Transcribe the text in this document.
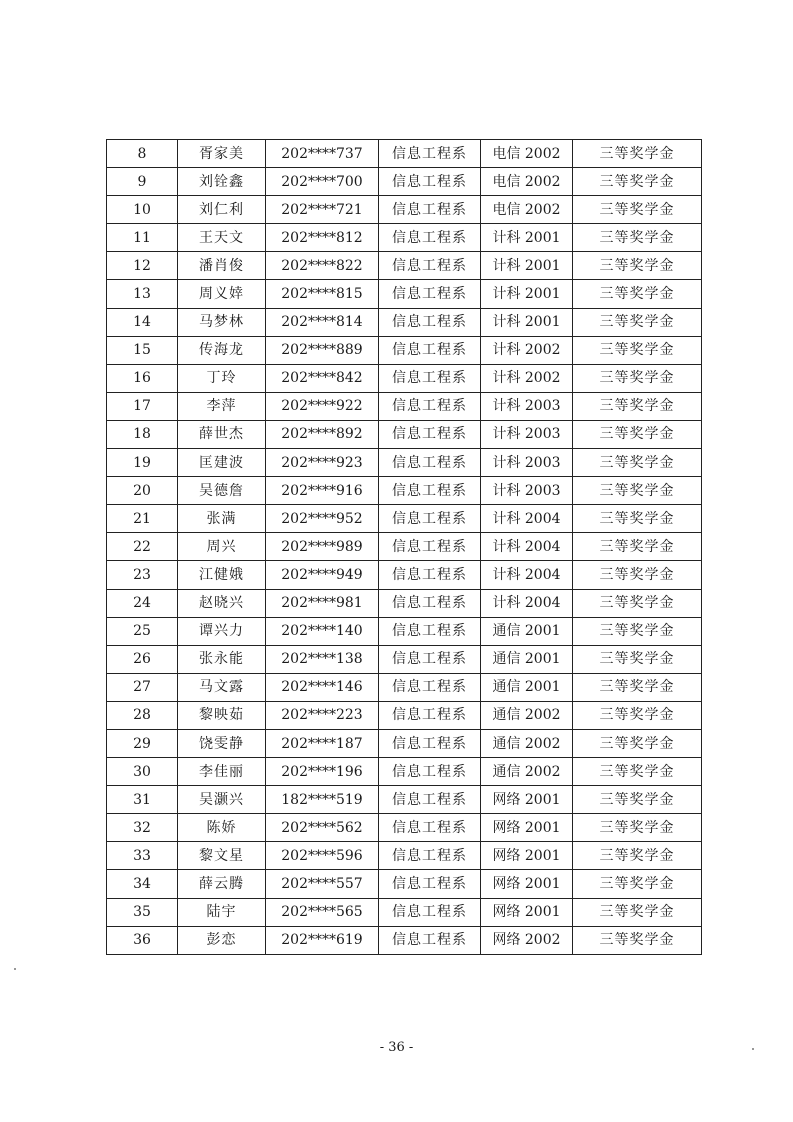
8	胥家美	202****737	信息工程系	电信 2002	三等奖学金
9	刘铨鑫	202****700	信息工程系	电信 2002	三等奖学金
10	刘仁利	202****721	信息工程系	电信 2002	三等奖学金
11	王天文	202****812	信息工程系	计科 2001	三等奖学金
12	潘肖俊	202****822	信息工程系	计科 2001	三等奖学金
13	周义婞	202****815	信息工程系	计科 2001	三等奖学金
14	马梦林	202****814	信息工程系	计科 2001	三等奖学金
15	传海龙	202****889	信息工程系	计科 2002	三等奖学金
16	丁玲	202****842	信息工程系	计科 2002	三等奖学金
17	李萍	202****922	信息工程系	计科 2003	三等奖学金
18	薛世杰	202****892	信息工程系	计科 2003	三等奖学金
19	匡建波	202****923	信息工程系	计科 2003	三等奖学金
20	吴德詹	202****916	信息工程系	计科 2003	三等奖学金
21	张满	202****952	信息工程系	计科 2004	三等奖学金
22	周兴	202****989	信息工程系	计科 2004	三等奖学金
23	江健娥	202****949	信息工程系	计科 2004	三等奖学金
24	赵晓兴	202****981	信息工程系	计科 2004	三等奖学金
25	谭兴力	202****140	信息工程系	通信 2001	三等奖学金
26	张永能	202****138	信息工程系	通信 2001	三等奖学金
27	马文露	202****146	信息工程系	通信 2001	三等奖学金
28	黎映茹	202****223	信息工程系	通信 2002	三等奖学金
29	饶雯静	202****187	信息工程系	通信 2002	三等奖学金
30	李佳丽	202****196	信息工程系	通信 2002	三等奖学金
31	吴灏兴	182****519	信息工程系	网络 2001	三等奖学金
32	陈娇	202****562	信息工程系	网络 2001	三等奖学金
33	黎文星	202****596	信息工程系	网络 2001	三等奖学金
34	薛云腾	202****557	信息工程系	网络 2001	三等奖学金
35	陆宇	202****565	信息工程系	网络 2001	三等奖学金
36	彭恋	202****619	信息工程系	网络 2002	三等奖学金
- 36 -
